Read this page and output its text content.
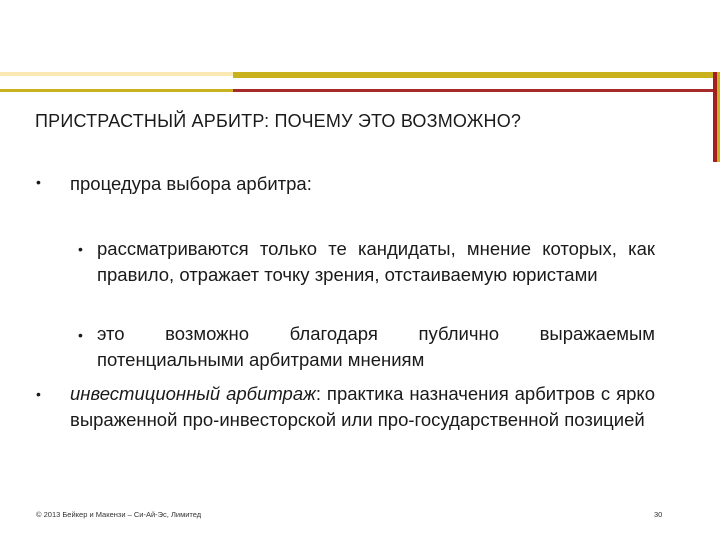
ПРИСТРАСТНЫЙ АРБИТР: ПОЧЕМУ ЭТО ВОЗМОЖНО?
• процедура выбора арбитра:

• рассматриваются только те кандидаты, мнение которых, как правило, отражает точку зрения, отстаиваемую юристами

• это возможно благодаря публично выражаемым потенциальными арбитрами мнениям

• инвестиционный арбитраж: практика назначения арбитров с ярко выраженной про-инвесторской или про-государственной позицией

© 2013 Бейкер и Макензи – Си-Ай-Эс, Лимитед	30
